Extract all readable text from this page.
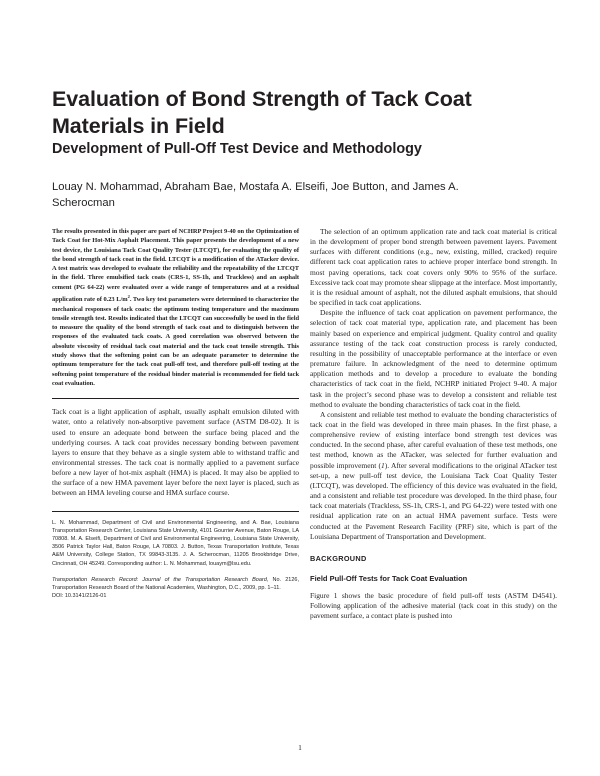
Evaluation of Bond Strength of Tack Coat Materials in Field
Development of Pull-Off Test Device and Methodology
Louay N. Mohammad, Abraham Bae, Mostafa A. Elseifi, Joe Button, and James A. Scherocman
The results presented in this paper are part of NCHRP Project 9-40 on the Optimization of Tack Coat for Hot-Mix Asphalt Placement. This paper presents the development of a new test device, the Louisiana Tack Coat Quality Tester (LTCQT), for evaluating the quality of the bond strength of tack coat in the field. LTCQT is a modification of the ATacker device. A test matrix was developed to evaluate the reliability and the repeatability of the LTCQT in the field. Three emulsified tack coats (CRS-1, SS-1h, and Trackless) and an asphalt cement (PG 64-22) were evaluated over a wide range of temperatures and at a residual application rate of 0.23 $L/m^2$. Two key test parameters were determined to characterize the mechanical responses of tack coats: the optimum testing temperature and the maximum tensile strength test. Results indicated that the LTCQT can successfully be used in the field to measure the quality of the bond strength of tack coat and to distinguish between the responses of the evaluated tack coats. A good correlation was observed between the absolute viscosity of residual tack coat material and the tack coat tensile strength. This study shows that the softening point can be an adequate parameter to determine the optimum temperature for the tack coat pull-off test, and therefore pull-off testing at the softening point temperature of the residual binder material is recommended for field tack coat evaluation.
Tack coat is a light application of asphalt, usually asphalt emulsion diluted with water, onto a relatively non-absorptive pavement surface (ASTM D8-02). It is used to ensure an adequate bond between the surface being placed and the underlying courses. A tack coat provides necessary bonding between pavement layers to ensure that they behave as a single system able to withstand traffic and environmental stresses. The tack coat is normally applied to a pavement surface before a new layer of hot-mix asphalt (HMA) is placed. It may also be applied to the surface of a new HMA pavement layer before the next layer is placed, such as between an HMA leveling course and HMA surface course.
L. N. Mohammad, Department of Civil and Environmental Engineering, and A. Bae, Louisiana Transportation Research Center, Louisiana State University, 4101 Gourrier Avenue, Baton Rouge, LA 70808. M. A. Elseifi, Department of Civil and Environmental Engineering, Louisiana State University, 3506 Patrick Taylor Hall, Baton Rouge, LA 70803. J. Button, Texas Transportation Institute, Texas A&M University, College Station, TX 99843-3135. J. A. Scherocman, 11205 Brookbridge Drive, Cincinnati, OH 45249. Corresponding author: L. N. Mohammad, louaym@lsu.edu.
Transportation Research Record: Journal of the Transportation Research Board, No. 2126, Transportation Research Board of the National Academies, Washington, D.C., 2009, pp. 1–11.
DOI: 10.3141/2126-01

The selection of an optimum application rate and tack coat material is critical in the development of proper bond strength between pavement layers. Pavement surfaces with different conditions (e.g., new, existing, milled, cracked) require different tack coat application rates to achieve proper interface bond strength. In most paving operations, tack coat covers only 90% to 95% of the surface. Excessive tack coat may promote shear slippage at the interface. Most importantly, it is the residual amount of asphalt, not the diluted asphalt emulsions, that should be specified in tack coat applications.

Despite the influence of tack coat application on pavement performance, the selection of tack coat material type, application rate, and placement has been mainly based on experience and empirical judgment. Quality control and quality assurance testing of the tack coat construction process is rarely conducted, resulting in the possibility of unacceptable performance at the interface or even premature failure. In acknowledgment of the need to determine optimum application methods and to develop a procedure to evaluate the bonding characteristics of tack coat in the field, NCHRP initiated Project 9-40. A major task in the project’s second phase was to develop a consistent and reliable test method to evaluate the bonding characteristics of tack coat in the field.

A consistent and reliable test method to evaluate the bonding characteristics of tack coat in the field was developed in three main phases. In the first phase, a comprehensive review of existing interface bond strength test devices was conducted. In the second phase, after careful evaluation of these test methods, one test method, known as the ATacker, was selected for further evaluation and possible improvement (1). After several modifications to the original ATacker test set-up, a new pull-off test device, the Louisiana Tack Coat Quality Tester (LTCQT), was developed. The efficiency of this device was evaluated in the field, and a consistent and reliable test procedure was developed. In the third phase, four tack coat materials (Trackless, SS-1h, CRS-1, and PG 64-22) were tested with one residual application rate on an actual HMA pavement surface. Tests were conducted at the Pavement Research Facility (PRF) site, which is part of the Louisiana Department of Transportation and Development.

BACKGROUND
Field Pull-Off Tests for Tack Coat Evaluation

Figure 1 shows the basic procedure of field pull-off tests (ASTM D4541). Following application of the adhesive material (tack coat in this study) on the pavement surface, a contact plate is pushed into

1
